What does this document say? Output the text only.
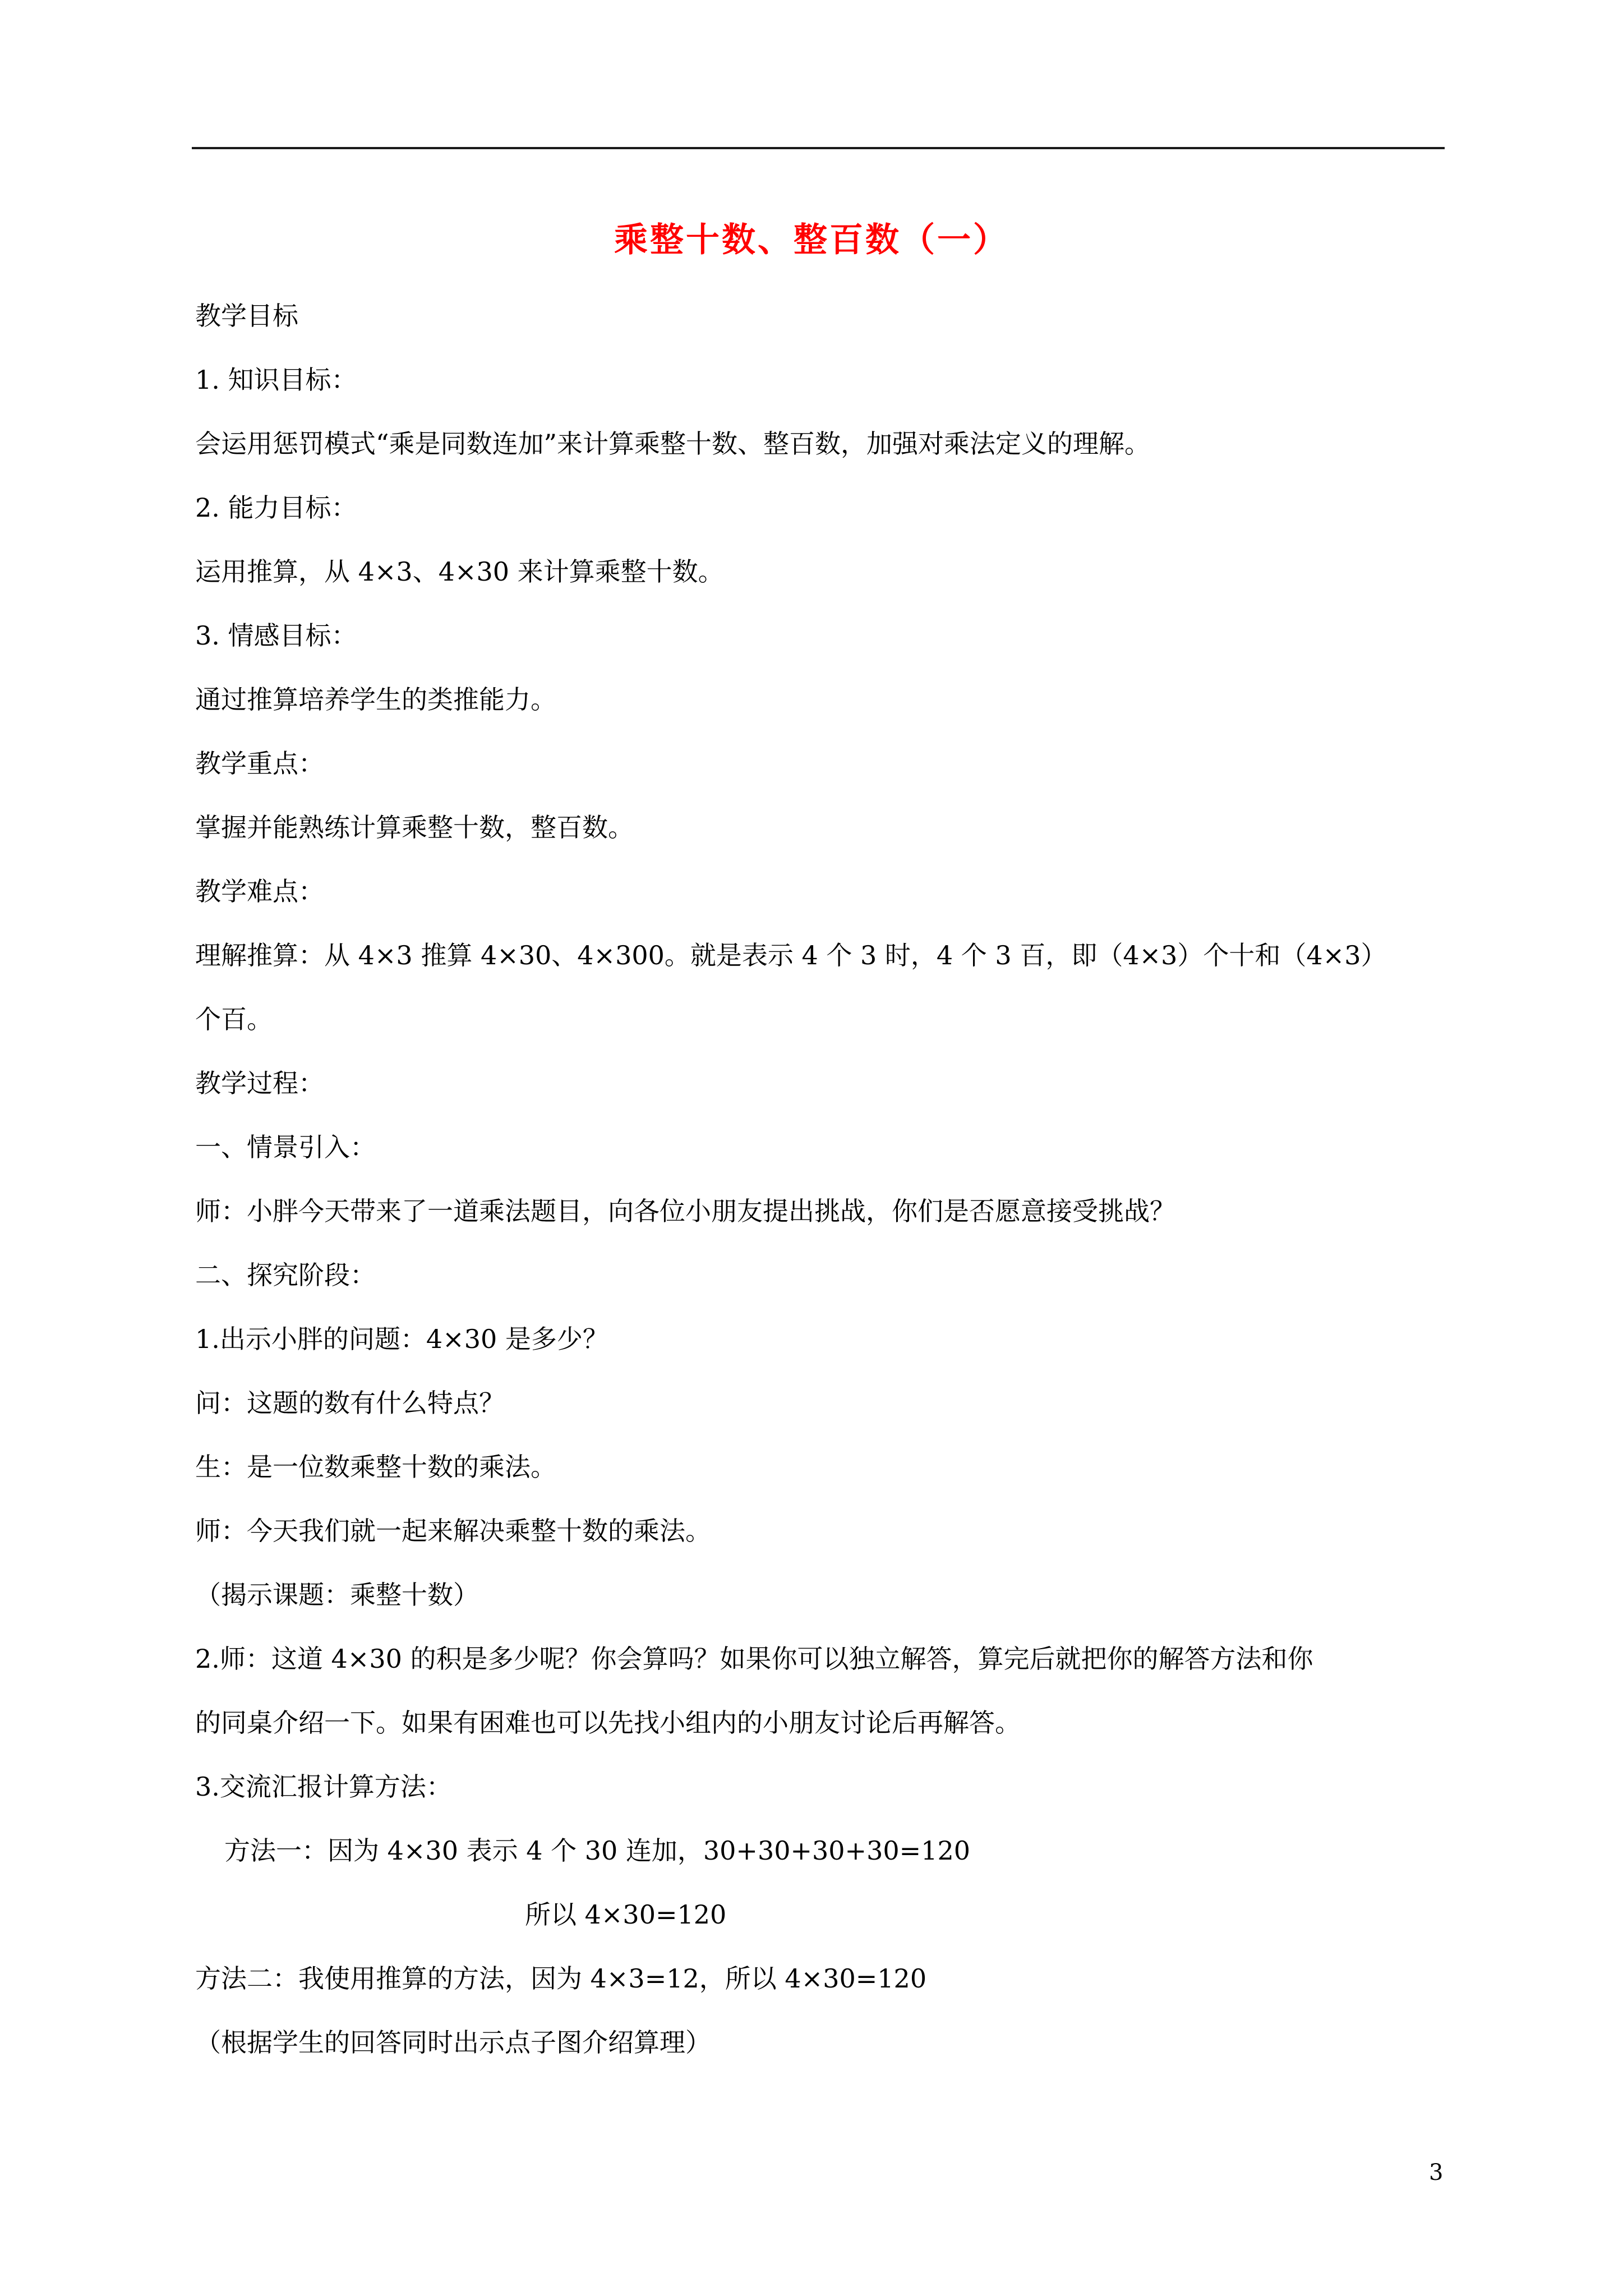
乘整十数、整百数（一）
教学目标
1. 知识目标：
会运用惩罚模式“乘是同数连加”来计算乘整十数、整百数，加强对乘法定义的理解。
2. 能力目标：
运用推算，从 4×3、4×30 来计算乘整十数。
3. 情感目标：
通过推算培养学生的类推能力。
教学重点：
掌握并能熟练计算乘整十数，整百数。
教学难点：
理解推算：从 4×3 推算 4×30、4×300。就是表示 4 个 3 时，4 个 3 百，即（4×3）个十和（4×3）
个百。
教学过程：
一、情景引入：
师：小胖今天带来了一道乘法题目，向各位小朋友提出挑战，你们是否愿意接受挑战？
二、探究阶段：
1.出示小胖的问题：4×30 是多少？
问：这题的数有什么特点？
生：是一位数乘整十数的乘法。
师：今天我们就一起来解决乘整十数的乘法。
（揭示课题：乘整十数）
2.师：这道 4×30 的积是多少呢？你会算吗？如果你可以独立解答，算完后就把你的解答方法和你
的同桌介绍一下。如果有困难也可以先找小组内的小朋友讨论后再解答。
3.交流汇报计算方法：
方法一：因为 4×30 表示 4 个 30 连加，30+30+30+30=120
所以 4×30=120
方法二：我使用推算的方法，因为 4×3=12，所以 4×30=120
（根据学生的回答同时出示点子图介绍算理）
3
